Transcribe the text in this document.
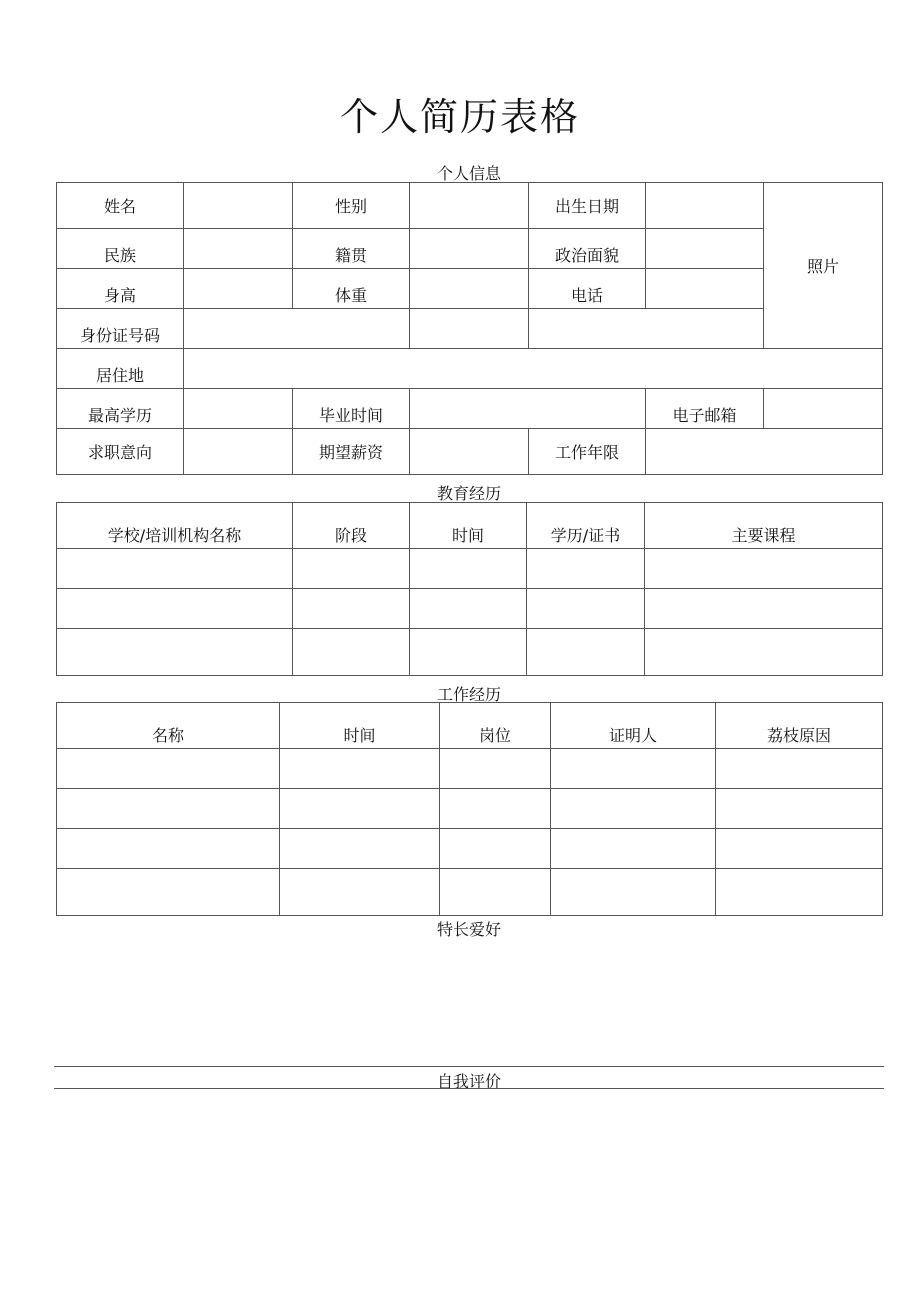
个人简历表格
个人信息
姓名		性别		出生日期		照片
民族		籍贯		政治面貌		
身高		体重		电话		
身份证号码						
居住地						
最高学历		毕业时间			电子邮箱	
求职意向		期望薪资		工作年限		
教育经历
学校/培训机构名称	阶段	时间	学历/证书	主要课程

工作经历
名称	时间	岗位	证明人	荔枝原因

特长爱好
自我评价
